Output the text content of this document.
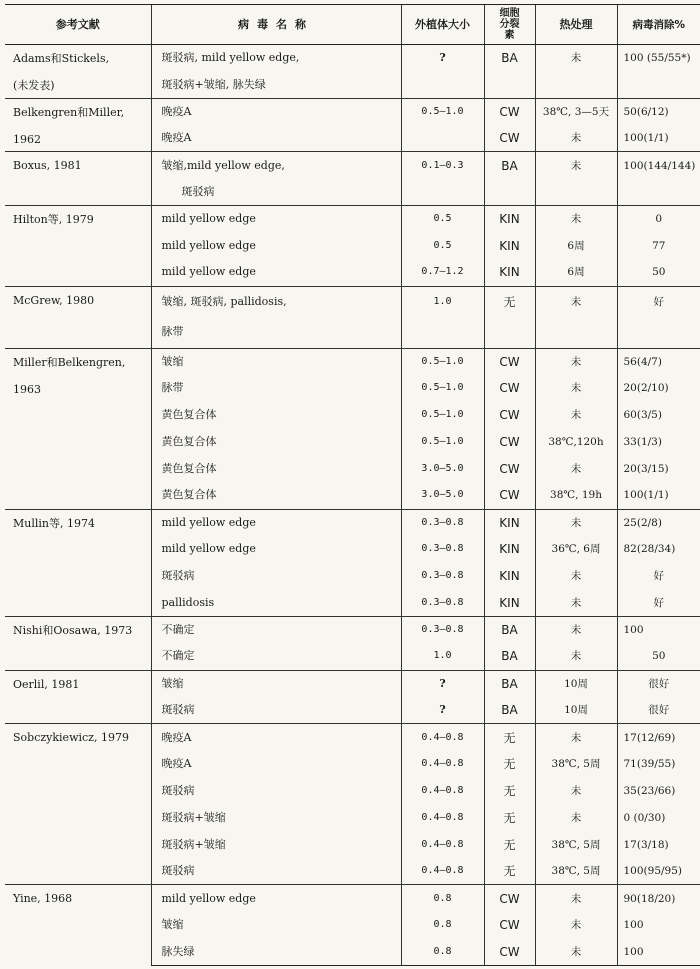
参考文献	病毒名称	外植体大小	细胞分裂素	热处理	病毒消除%

Adams和Stickels,
(未发表)	斑驳病, mild yellow edge,	?	BA	未	100 (55/55*)
	斑驳病+皱缩, 脉失绿				

Belkengren和Miller,
1962	晚疫A	0.5—1.0	CW	38℃, 3—5天	50(6/12)
	晚疫A		CW	未	100(1/1)

Boxus, 1981	皱缩,mild yellow edge,	0.1—0.3	BA	未	100(144/144)
	斑驳病				

Hilton等, 1979	mild yellow edge	0.5	KIN	未	0
	mild yellow edge	0.5	KIN	6周	77
	mild yellow edge	0.7—1.2	KIN	6周	50

McGrew, 1980	皱缩, 斑驳病, pallidosis,	1.0	无	未	好
	脉带				

Miller和Belkengren,
1963	皱缩	0.5—1.0	CW	未	56(4/7)
	脉带	0.5—1.0	CW	未	20(2/10)
	黄色复合体	0.5—1.0	CW	未	60(3/5)
	黄色复合体	0.5—1.0	CW	38℃,120h	33(1/3)
	黄色复合体	3.0—5.0	CW	未	20(3/15)
	黄色复合体	3.0—5.0	CW	38℃, 19h	100(1/1)

Mullin等, 1974	mild yellow edge	0.3—0.8	KIN	未	25(2/8)
	mild yellow edge	0.3—0.8	KIN	36℃, 6周	82(28/34)
	斑驳病	0.3—0.8	KIN	未	好
	pallidosis	0.3—0.8	KIN	未	好

Nishi和Oosawa, 1973	不确定	0.3—0.8	BA	未	100
	不确定	1.0	BA	未	50

Oerlil, 1981	皱缩	?	BA	10周	很好
	斑驳病	?	BA	10周	很好

Sobczykiewicz, 1979	晚疫A	0.4—0.8	无	未	17(12/69)
	晚疫A	0.4—0.8	无	38℃, 5周	71(39/55)
	斑驳病	0.4—0.8	无	未	35(23/66)
	斑驳病+皱缩	0.4—0.8	无	未	0 (0/30)
	斑驳病+皱缩	0.4—0.8	无	38℃, 5周	17(3/18)
	斑驳病	0.4—0.8	无	38℃, 5周	100(95/95)

Yine, 1968	mild yellow edge	0.8	CW	未	90(18/20)
	皱缩	0.8	CW	未	100
	脉失绿	0.8	CW	未	100
